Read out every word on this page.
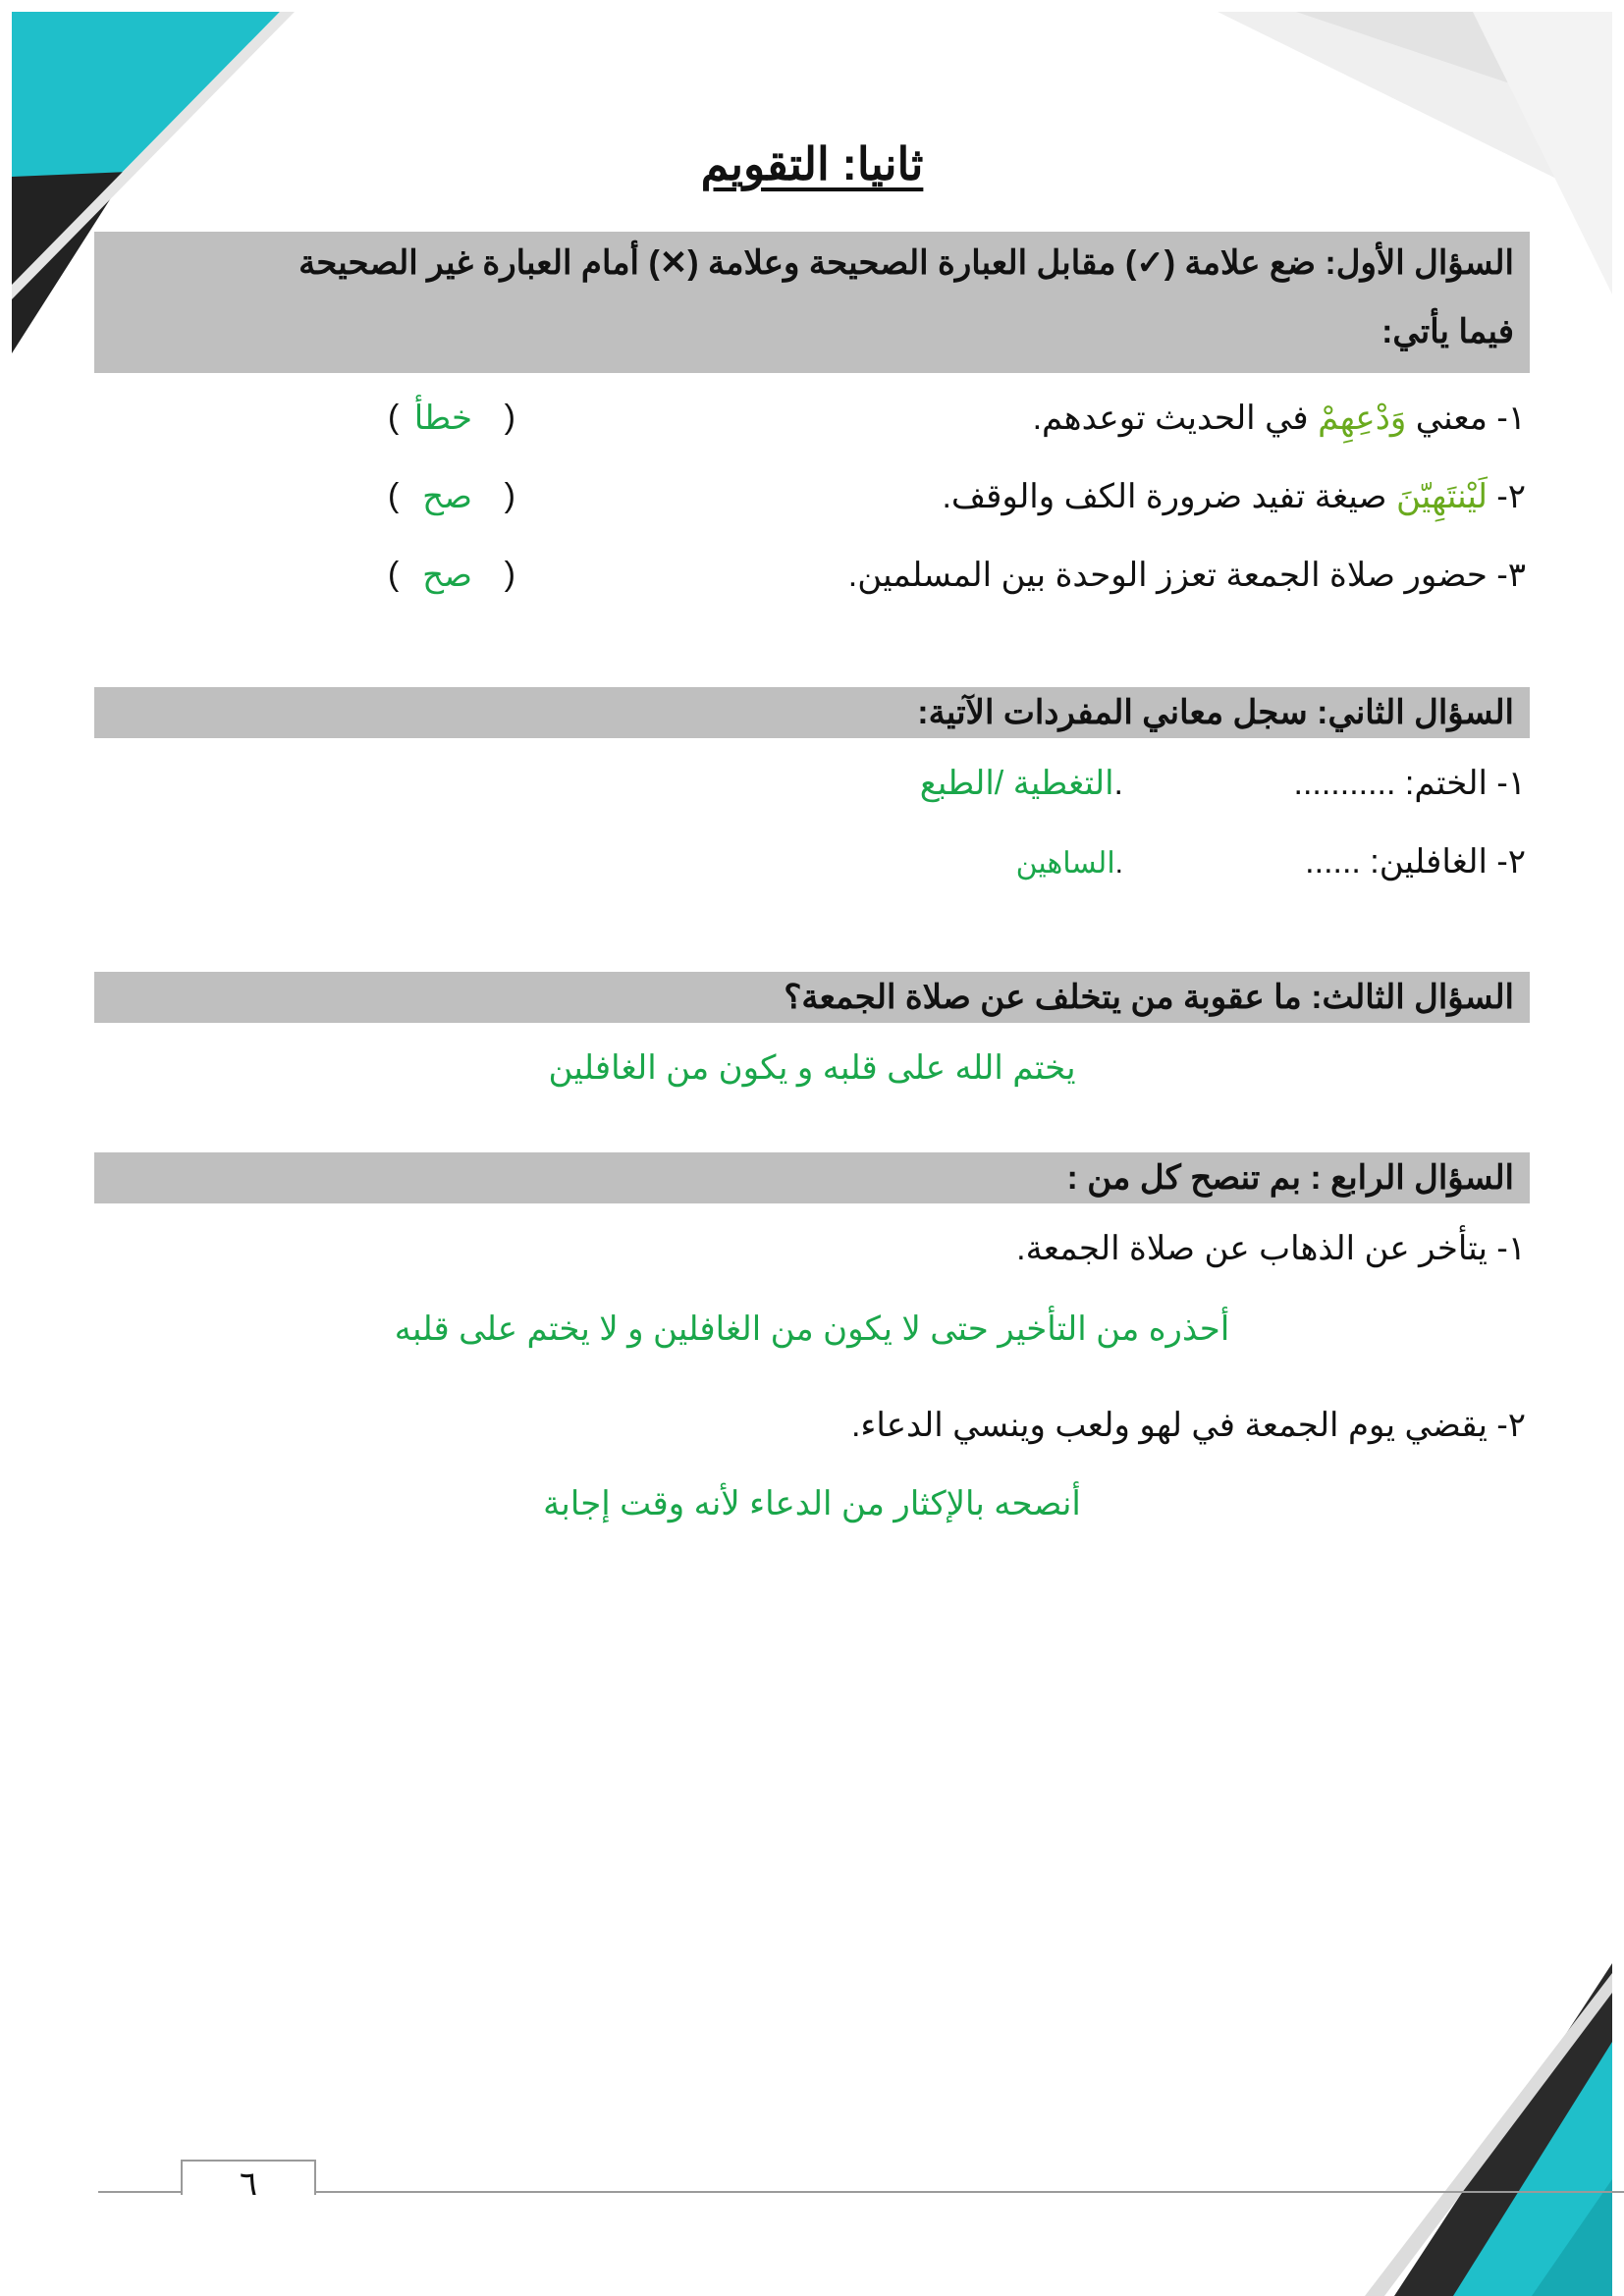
ثانيا: التقويم
السؤال الأول: ضع علامة (✓) مقابل العبارة الصحيحة وعلامة (✕) أمام العبارة غير الصحيحة
فيما يأتي:
١- معني وَدْعِهِمْ في الحديث توعدهم.
(
خطأ
)
٢- لَيْنتَهِيّنَ صيغة تفيد ضرورة الكف والوقف.
(
صح
)
٣- حضور صلاة الجمعة تعزز الوحدة بين المسلمين.
(
صح
)
السؤال الثاني: سجل معاني المفردات الآتية:
١- الختم: ...........
.التغطية /الطبع
٢- الغافلين: ......
.الساهين
السؤال الثالث: ما عقوبة من يتخلف عن صلاة الجمعة؟
يختم الله على قلبه و يكون من الغافلين
السؤال الرابع : بم تنصح كل من :
١- يتأخر عن الذهاب عن صلاة الجمعة.
أحذره من التأخير حتى لا يكون من الغافلين و لا يختم على قلبه
٢- يقضي يوم الجمعة في لهو ولعب وينسي الدعاء.
أنصحه بالإكثار من الدعاء لأنه وقت إجابة
٦
